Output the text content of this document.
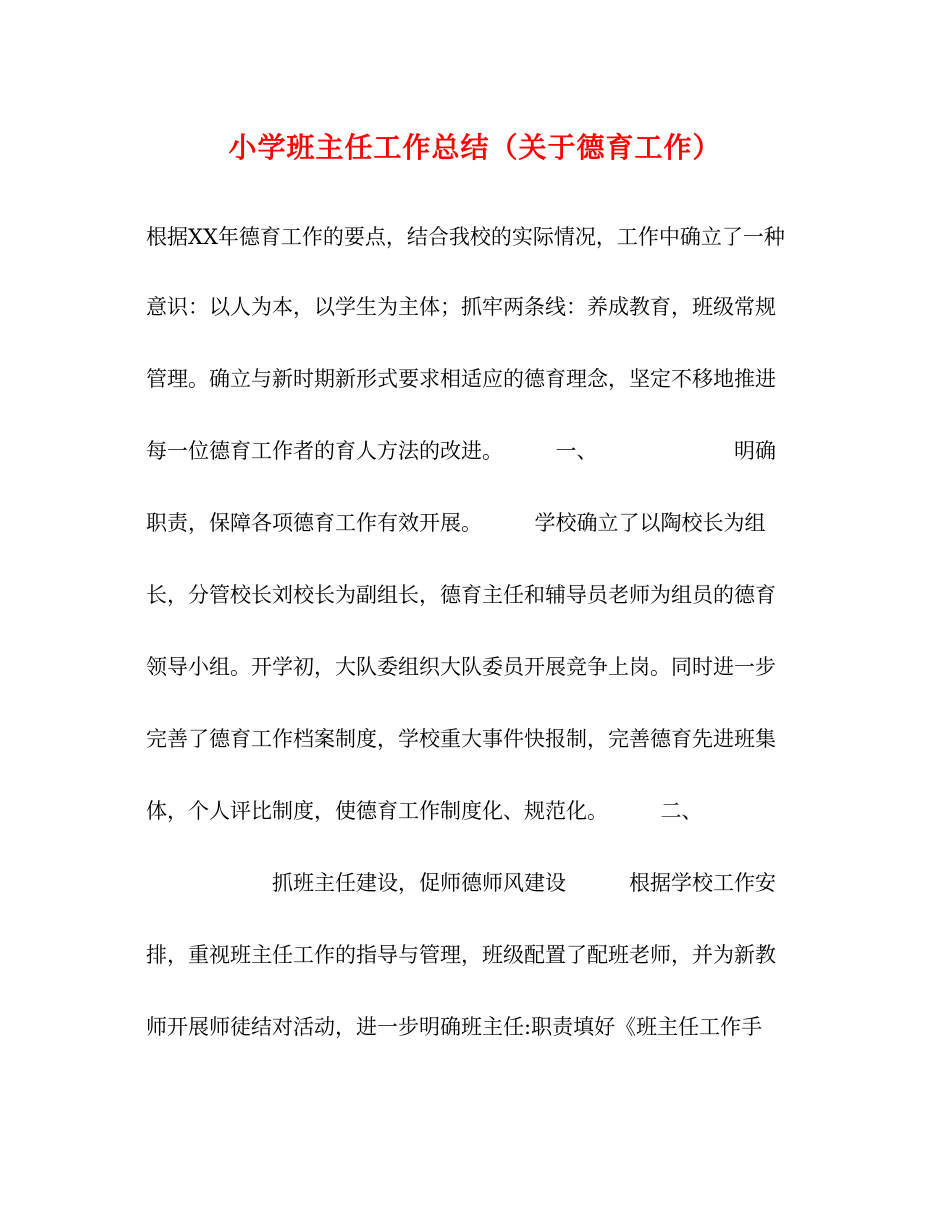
小学班主任工作总结（关于德育工作）

根据XX年德育工作的要点，结合我校的实际情况，工作中确立了一种

意识：以人为本，以学生为主体；抓牢两条线：养成教育，班级常规

管理。确立与新时期新形式要求相适应的德育理念，坚定不移地推进

每一位德育工作者的育人方法的改进。　　　一、　　　　　　　明确

职责，保障各项德育工作有效开展。　　　学校确立了以陶校长为组

长，分管校长刘校长为副组长，德育主任和辅导员老师为组员的德育

领导小组。开学初，大队委组织大队委员开展竞争上岗。同时进一步

完善了德育工作档案制度，学校重大事件快报制，完善德育先进班集

体，个人评比制度，使德育工作制度化、规范化。　　　二、

　　　　　　抓班主任建设，促师德师风建设　　　根据学校工作安

排，重视班主任工作的指导与管理，班级配置了配班老师，并为新教

师开展师徒结对活动，进一步明确班主任:职责填好《班主任工作手
